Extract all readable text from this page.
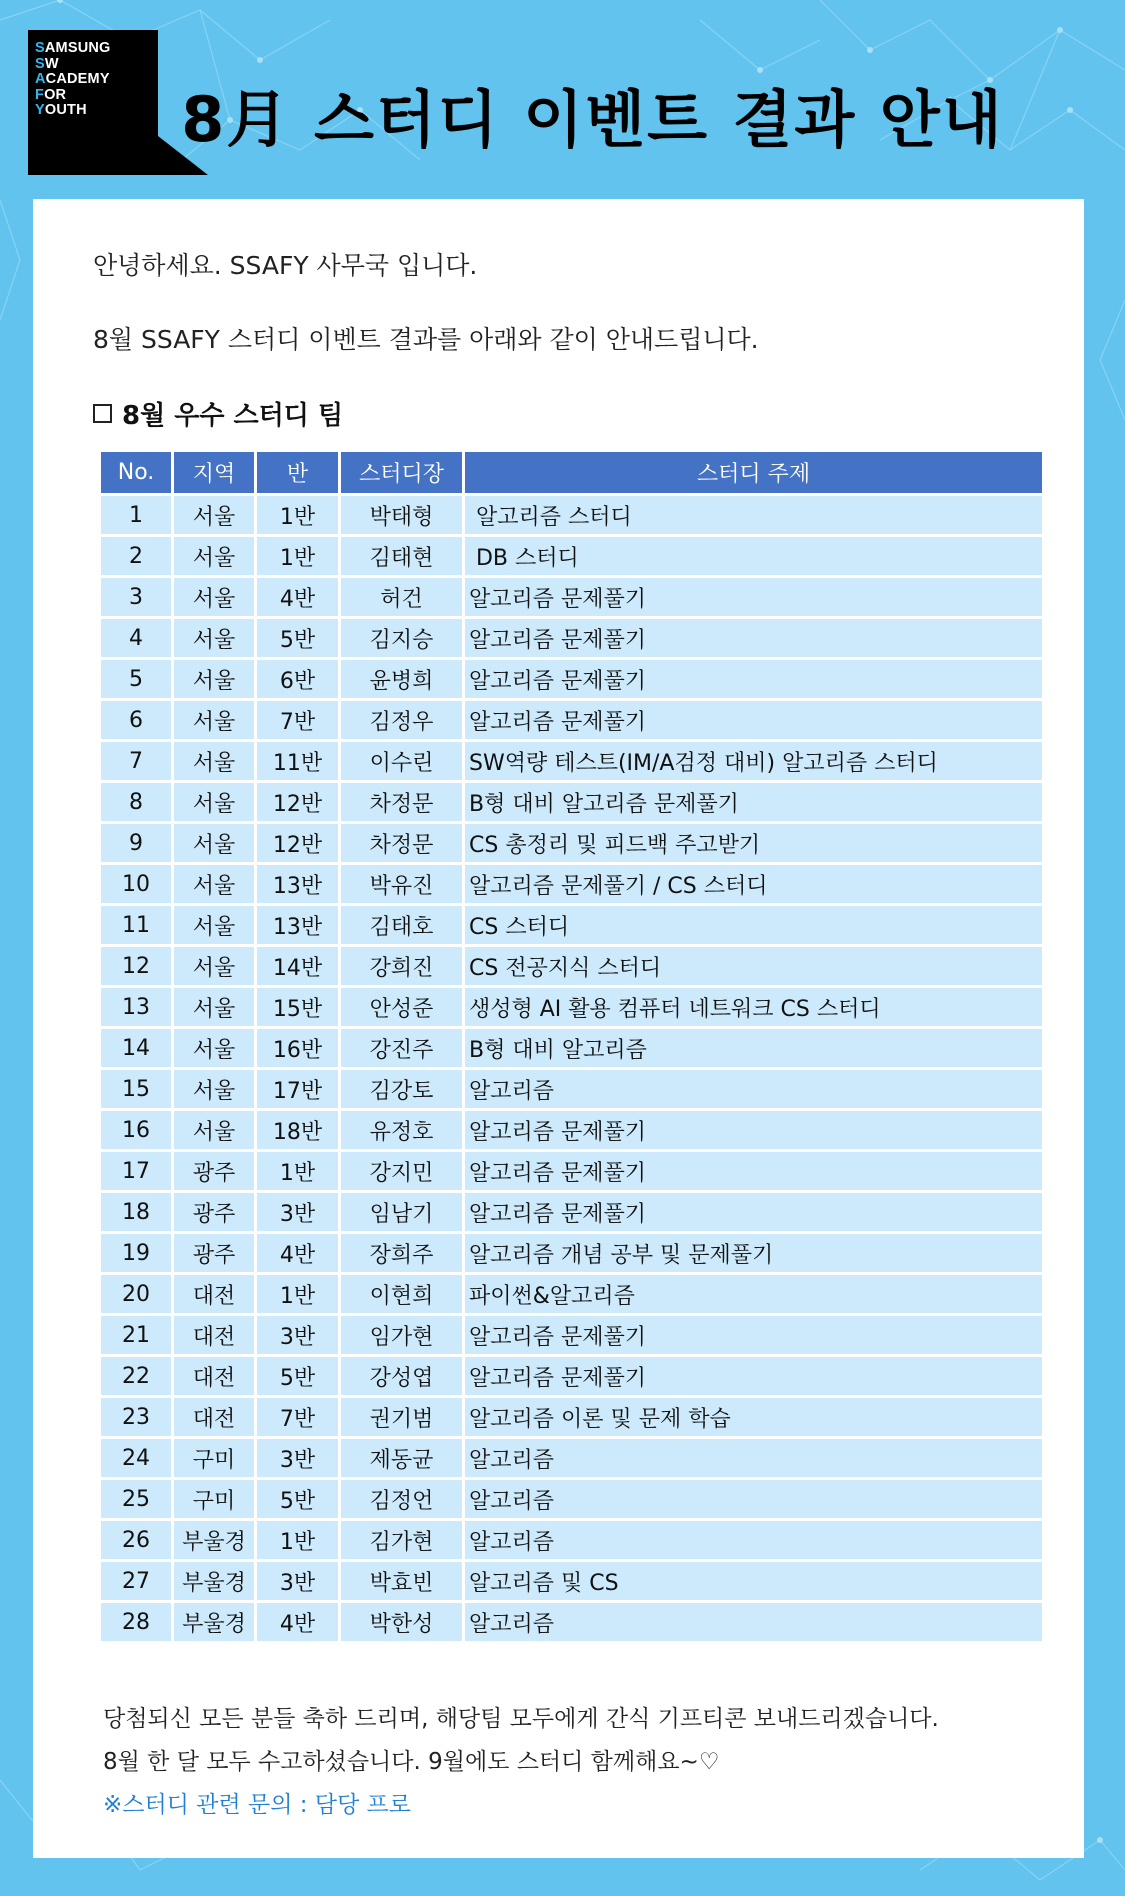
SAMSUNG
SW
ACADEMY
FOR
YOUTH	8月 스터디 이벤트 결과 안내
안녕하세요. SSAFY 사무국 입니다.
8월 SSAFY 스터디 이벤트 결과를 아래와 같이 안내드립니다.
8월 우수 스터디 팀
No.	지역	반	스터디장	스터디 주제
1	서울	1반	박태형	알고리즘 스터디
2	서울	1반	김태현	DB 스터디
3	서울	4반	허건	알고리즘 문제풀기
4	서울	5반	김지승	알고리즘 문제풀기
5	서울	6반	윤병희	알고리즘 문제풀기
6	서울	7반	김정우	알고리즘 문제풀기
7	서울	11반	이수린	SW역량 테스트(IM/A검정 대비) 알고리즘 스터디
8	서울	12반	차정문	B형 대비 알고리즘 문제풀기
9	서울	12반	차정문	CS 총정리 및 피드백 주고받기
10	서울	13반	박유진	알고리즘 문제풀기 / CS 스터디
11	서울	13반	김태호	CS 스터디
12	서울	14반	강희진	CS 전공지식 스터디
13	서울	15반	안성준	생성형 AI 활용 컴퓨터 네트워크 CS 스터디
14	서울	16반	강진주	B형 대비 알고리즘
15	서울	17반	김강토	알고리즘
16	서울	18반	유정호	알고리즘 문제풀기
17	광주	1반	강지민	알고리즘 문제풀기
18	광주	3반	임남기	알고리즘 문제풀기
19	광주	4반	장희주	알고리즘 개념 공부 및 문제풀기
20	대전	1반	이현희	파이썬&알고리즘
21	대전	3반	임가현	알고리즘 문제풀기
22	대전	5반	강성엽	알고리즘 문제풀기
23	대전	7반	권기범	알고리즘 이론 및 문제 학습
24	구미	3반	제동균	알고리즘
25	구미	5반	김정언	알고리즘
26	부울경	1반	김가현	알고리즘
27	부울경	3반	박효빈	알고리즘 및 CS
28	부울경	4반	박한성	알고리즘
당첨되신 모든 분들 축하 드리며, 해당팀 모두에게 간식 기프티콘 보내드리겠습니다.
8월 한 달 모두 수고하셨습니다. 9월에도 스터디 함께해요~♡
※스터디 관련 문의 : 담당 프로
